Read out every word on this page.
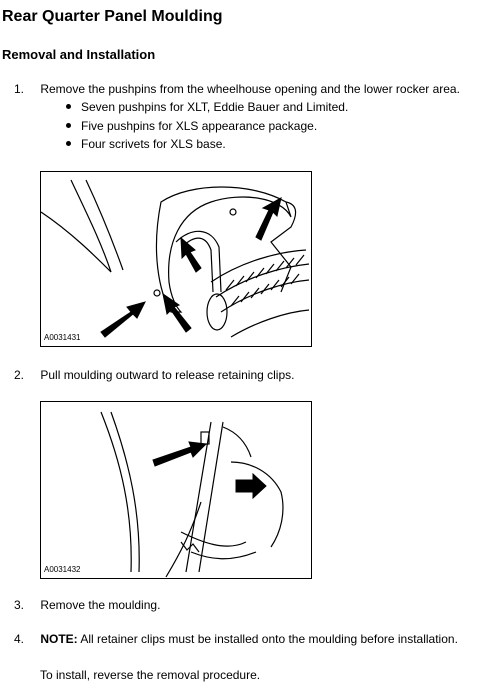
Rear Quarter Panel Moulding
Removal and Installation
1. Remove the pushpins from the wheelhouse opening and the lower rocker area.
Seven pushpins for XLT, Eddie Bauer and Limited.
Five pushpins for XLS appearance package.
Four scrivets for XLS base.
A0031431
2. Pull moulding outward to release retaining clips.
A0031432
3. Remove the moulding.
4. NOTE: All retainer clips must be installed onto the moulding before installation.
To install, reverse the removal procedure.
